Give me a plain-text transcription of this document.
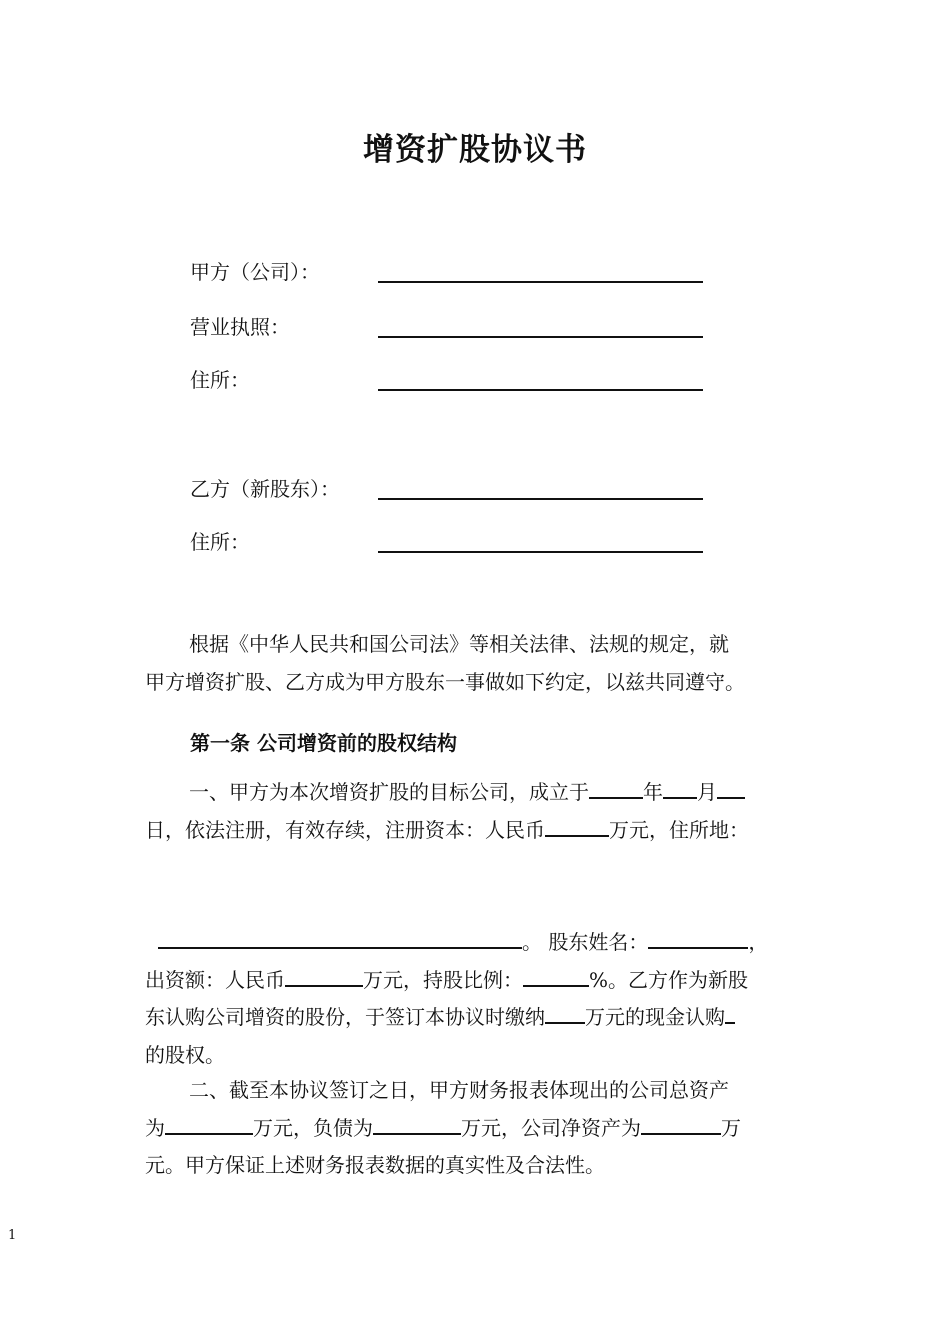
增资扩股协议书
甲方（公司）：
营业执照：
住所：
乙方（新股东）：
住所：
根据《中华人民共和国公司法》等相关法律、法规的规定，就
甲方增资扩股、乙方成为甲方股东一事做如下约定，以兹共同遵守。
第一条 公司增资前的股权结构
一、甲方为本次增资扩股的目标公司，成立于	年 月
日，依法注册，有效存续，注册资本：人民币	万元，住所地：
。 股东姓名：	，
出资额：人民币	万元，持股比例：	%。乙方作为新股
东认购公司增资的股份，于签订本协议时缴纳 万元的现金认购
的股权。
二、截至本协议签订之日，甲方财务报表体现出的公司总资产
为	万元，负债为	万元，公司净资产为	万
元。甲方保证上述财务报表数据的真实性及合法性。
1
